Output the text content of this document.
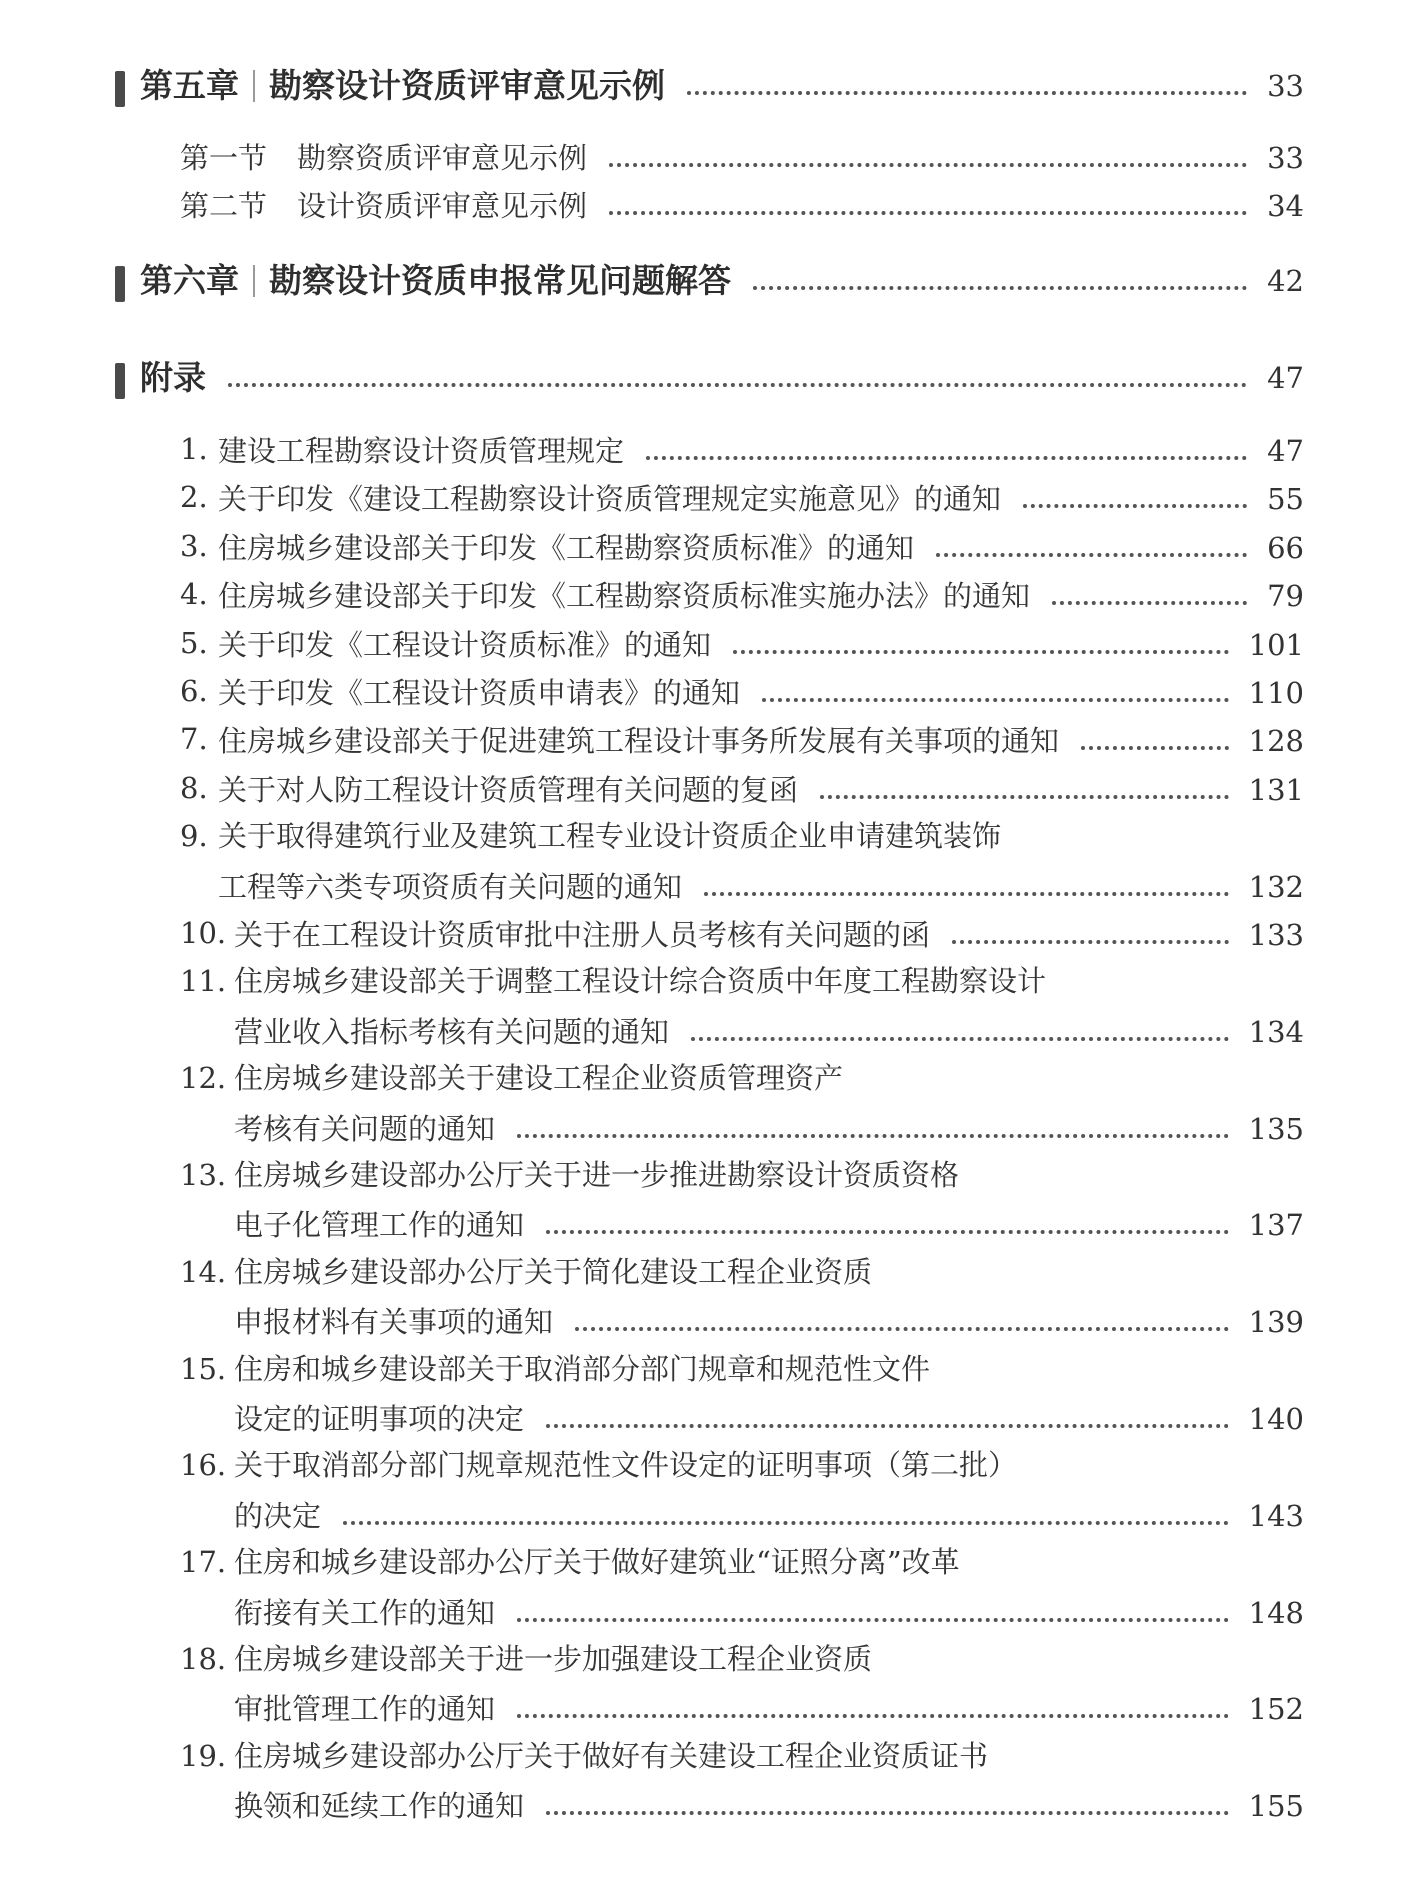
第五章 勘察设计资质评审意见示例	33
第一节 勘察资质评审意见示例	33
第二节 设计资质评审意见示例	34
第六章 勘察设计资质申报常见问题解答	42
附录	47
1. 建设工程勘察设计资质管理规定	47
2. 关于印发《建设工程勘察设计资质管理规定实施意见》的通知	55
3. 住房城乡建设部关于印发《工程勘察资质标准》的通知	66
4. 住房城乡建设部关于印发《工程勘察资质标准实施办法》的通知	79
5. 关于印发《工程设计资质标准》的通知	101
6. 关于印发《工程设计资质申请表》的通知	110
7. 住房城乡建设部关于促进建筑工程设计事务所发展有关事项的通知	128
8. 关于对人防工程设计资质管理有关问题的复函	131
9. 关于取得建筑行业及建筑工程专业设计资质企业申请建筑装饰
工程等六类专项资质有关问题的通知	132
10. 关于在工程设计资质审批中注册人员考核有关问题的函	133
11. 住房城乡建设部关于调整工程设计综合资质中年度工程勘察设计
营业收入指标考核有关问题的通知	134
12. 住房城乡建设部关于建设工程企业资质管理资产
考核有关问题的通知	135
13. 住房城乡建设部办公厅关于进一步推进勘察设计资质资格
电子化管理工作的通知	137
14. 住房城乡建设部办公厅关于简化建设工程企业资质
申报材料有关事项的通知	139
15. 住房和城乡建设部关于取消部分部门规章和规范性文件
设定的证明事项的决定	140
16. 关于取消部分部门规章规范性文件设定的证明事项（第二批）
的决定	143
17. 住房和城乡建设部办公厅关于做好建筑业“证照分离”改革
衔接有关工作的通知	148
18. 住房城乡建设部关于进一步加强建设工程企业资质
审批管理工作的通知	152
19. 住房城乡建设部办公厅关于做好有关建设工程企业资质证书
换领和延续工作的通知	155
